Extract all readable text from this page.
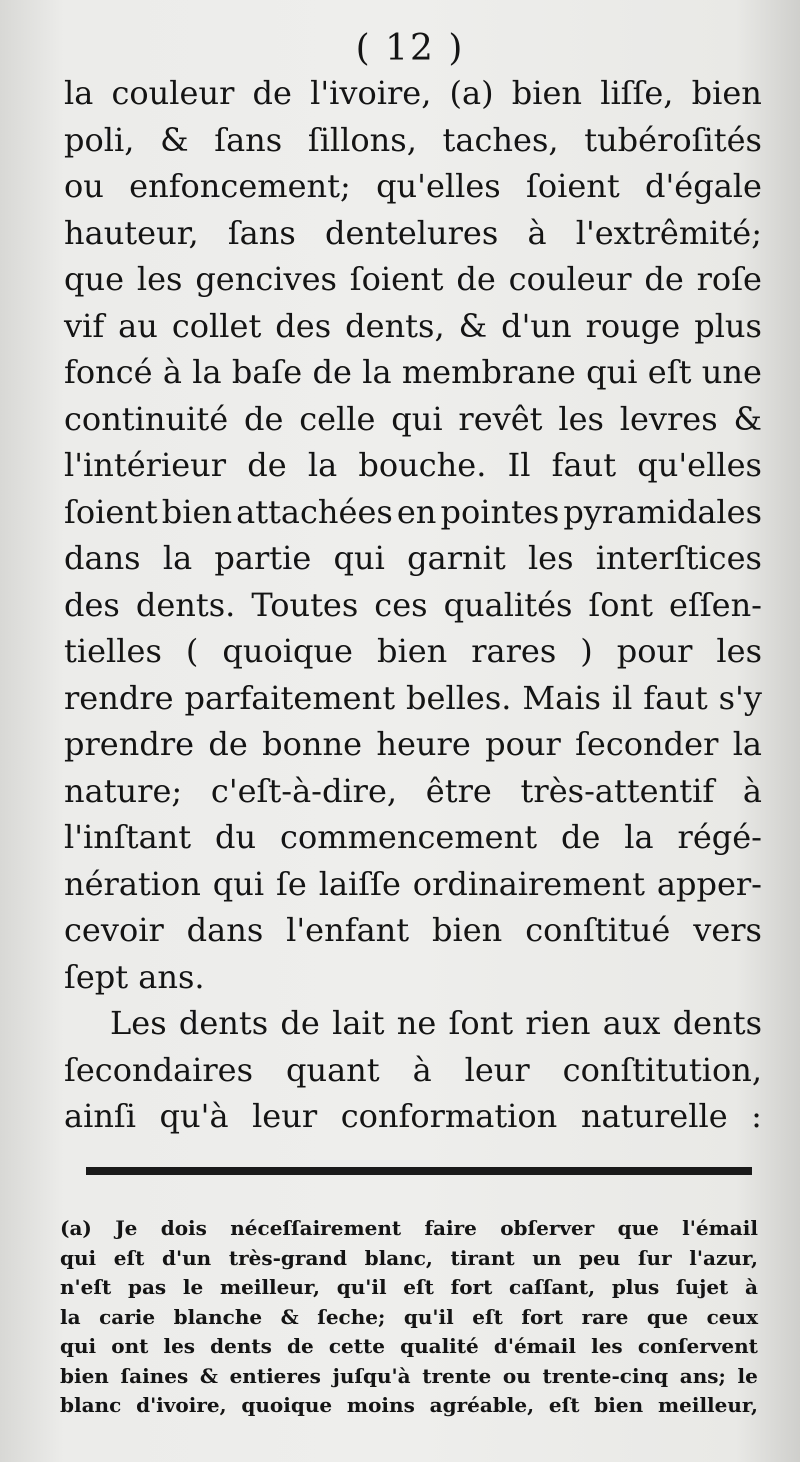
( 12 )
la couleur de l'ivoire, (a) bien liſſe, bien
poli, & ſans ſillons, taches, tubéroſités
ou enfoncement; qu'elles ſoient d'égale
hauteur, ſans dentelures à l'extrêmité;
que les gencives ſoient de couleur de roſe
vif au collet des dents, & d'un rouge plus
foncé à la baſe de la membrane qui eſt une
continuité de celle qui revêt les levres &
l'intérieur de la bouche. Il faut qu'elles
ſoient bien attachées en pointes pyramidales
dans la partie qui garnit les interſtices
des dents. Toutes ces qualités ſont eſſen-
tielles ( quoique bien rares ) pour les
rendre parfaitement belles. Mais il faut s'y
prendre de bonne heure pour ſeconder la
nature; c'eſt-à-dire, être très-attentif à
l'inſtant du commencement de la régé-
nération qui ſe laiſſe ordinairement apper-
cevoir dans l'enfant bien conſtitué vers
ſept ans.
Les dents de lait ne ſont rien aux dents
ſecondaires quant à leur conſtitution,
ainſi qu'à leur conformation naturelle :
(a) Je dois néceſſairement faire obſerver que l'émail
qui eſt d'un très-grand blanc, tirant un peu ſur l'azur,
n'eſt pas le meilleur, qu'il eſt fort caſſant, plus ſujet à
la carie blanche & ſeche; qu'il eſt fort rare que ceux
qui ont les dents de cette qualité d'émail les conſervent
bien ſaines & entieres juſqu'à trente ou trente-cinq ans; le
blanc d'ivoire, quoique moins agréable, eſt bien meilleur,
